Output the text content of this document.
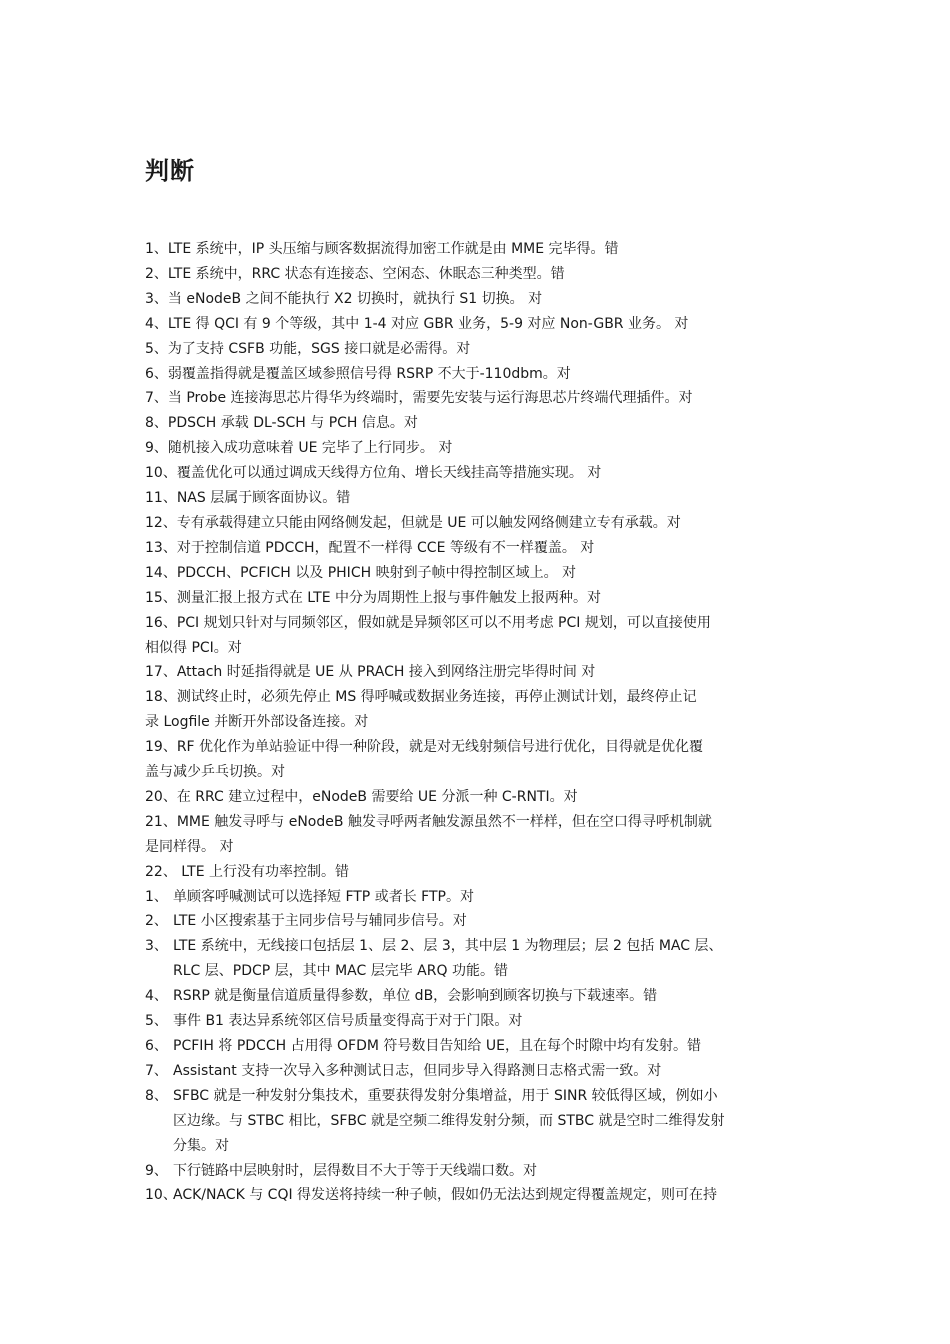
判断

1、LTE 系统中，IP 头压缩与顾客数据流得加密工作就是由 MME 完毕得。错

2、LTE 系统中，RRC 状态有连接态、空闲态、休眠态三种类型。错

3、当 eNodeB 之间不能执行 X2 切换时，就执行 S1 切换。 对

4、LTE 得 QCI 有 9 个等级，其中 1-4 对应 GBR 业务，5-9 对应 Non-GBR 业务。 对

5、为了支持 CSFB 功能，SGS 接口就是必需得。对

6、弱覆盖指得就是覆盖区域参照信号得 RSRP 不大于-110dbm。对

7、当 Probe 连接海思芯片得华为终端时，需要先安装与运行海思芯片终端代理插件。对

8、PDSCH 承载 DL-SCH 与 PCH 信息。对

9、随机接入成功意味着 UE 完毕了上行同步。 对

10、覆盖优化可以通过调成天线得方位角、增长天线挂高等措施实现。 对

11、NAS 层属于顾客面协议。错

12、专有承载得建立只能由网络侧发起，但就是 UE 可以触发网络侧建立专有承载。对

13、对于控制信道 PDCCH，配置不一样得 CCE 等级有不一样覆盖。 对

14、PDCCH、PCFICH 以及 PHICH 映射到子帧中得控制区域上。 对

15、测量汇报上报方式在 LTE 中分为周期性上报与事件触发上报两种。对

16、PCI 规划只针对与同频邻区，假如就是异频邻区可以不用考虑 PCI 规划，可以直接使用

相似得 PCI。对

17、Attach 时延指得就是 UE 从 PRACH 接入到网络注册完毕得时间 对

18、测试终止时，必须先停止 MS 得呼喊或数据业务连接，再停止测试计划，最终停止记

录 Logfile 并断开外部设备连接。对

19、RF 优化作为单站验证中得一种阶段，就是对无线射频信号进行优化，目得就是优化覆

盖与减少乒乓切换。对

20、在 RRC 建立过程中，eNodeB 需要给 UE 分派一种 C-RNTI。对

21、MME 触发寻呼与 eNodeB 触发寻呼两者触发源虽然不一样样，但在空口得寻呼机制就

是同样得。 对

22、 LTE 上行没有功率控制。错

1、 单顾客呼喊测试可以选择短 FTP 或者长 FTP。对

2、 LTE 小区搜索基于主同步信号与辅同步信号。对

3、 LTE 系统中，无线接口包括层 1、层 2、层 3，其中层 1 为物理层；层 2 包括 MAC 层、

RLC 层、PDCP 层，其中 MAC 层完毕 ARQ 功能。错

4、 RSRP 就是衡量信道质量得参数，单位 dB，会影响到顾客切换与下载速率。错

5、 事件 B1 表达异系统邻区信号质量变得高于对于门限。对

6、 PCFIH 将 PDCCH 占用得 OFDM 符号数目告知给 UE，且在每个时隙中均有发射。错

7、 Assistant 支持一次导入多种测试日志，但同步导入得路测日志格式需一致。对

8、 SFBC 就是一种发射分集技术，重要获得发射分集增益，用于 SINR 较低得区域，例如小

区边缘。与 STBC 相比，SFBC 就是空频二维得发射分频，而 STBC 就是空时二维得发射

分集。对

9、 下行链路中层映射时，层得数目不大于等于天线端口数。对

10、ACK/NACK 与 CQI 得发送将持续一种子帧，假如仍无法达到规定得覆盖规定，则可在持
